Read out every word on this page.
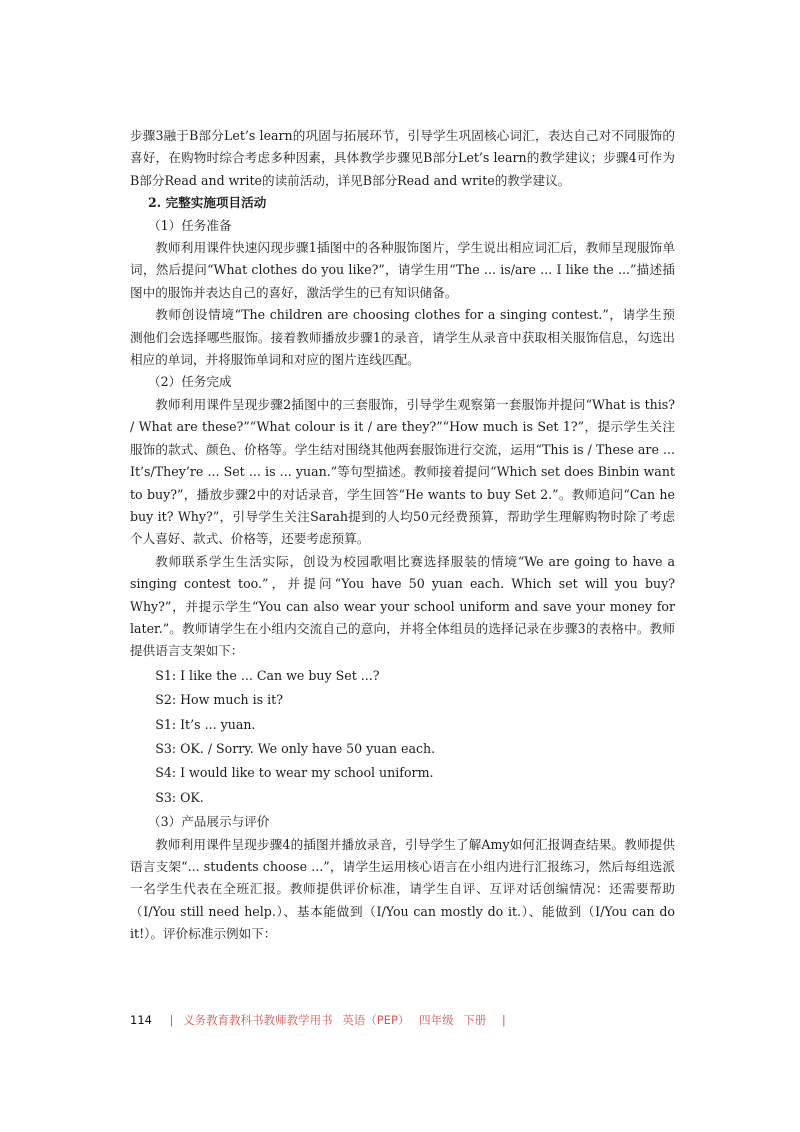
步骤3融于B部分Let’s learn的巩固与拓展环节，引导学生巩固核心词汇，表达自己对不同服饰的喜好，在购物时综合考虑多种因素，具体教学步骤见B部分Let’s learn的教学建议；步骤4可作为B部分Read and write的读前活动，详见B部分Read and write的教学建议。

2. 完整实施项目活动

（1）任务准备

教师利用课件快速闪现步骤1插图中的各种服饰图片，学生说出相应词汇后，教师呈现服饰单词，然后提问“What clothes do you like?”，请学生用“The ... is/are ... I like the ...”描述插图中的服饰并表达自己的喜好，激活学生的已有知识储备。

教师创设情境“The children are choosing clothes for a singing contest.”，请学生预测他们会选择哪些服饰。接着教师播放步骤1的录音，请学生从录音中获取相关服饰信息，勾选出相应的单词，并将服饰单词和对应的图片连线匹配。

（2）任务完成

教师利用课件呈现步骤2插图中的三套服饰，引导学生观察第一套服饰并提问“What is this? / What are these?”“What colour is it / are they?”“How much is Set 1?”，提示学生关注服饰的款式、颜色、价格等。学生结对围绕其他两套服饰进行交流，运用“This is / These are ... It’s/They’re ... Set ... is ... yuan.”等句型描述。教师接着提问“Which set does Binbin want to buy?”，播放步骤2中的对话录音，学生回答“He wants to buy Set 2.”。教师追问“Can he buy it? Why?”，引导学生关注Sarah提到的人均50元经费预算，帮助学生理解购物时除了考虑个人喜好、款式、价格等，还要考虑预算。

教师联系学生生活实际，创设为校园歌唱比赛选择服装的情境“We are going to have a singing contest too.”，并提问“You have 50 yuan each. Which set will you buy? Why?”，并提示学生“You can also wear your school uniform and save your money for later.”。教师请学生在小组内交流自己的意向，并将全体组员的选择记录在步骤3的表格中。教师提供语言支架如下：

S1: I like the ... Can we buy Set ...?

S2: How much is it?

S1: It’s ... yuan.

S3: OK. / Sorry. We only have 50 yuan each.

S4: I would like to wear my school uniform.

S3: OK.

（3）产品展示与评价

教师利用课件呈现步骤4的插图并播放录音，引导学生了解Amy如何汇报调查结果。教师提供语言支架“... students choose ...”，请学生运用核心语言在小组内进行汇报练习，然后每组选派一名学生代表在全班汇报。教师提供评价标准，请学生自评、互评对话创编情况：还需要帮助（I/You still need help.）、基本能做到（I/You can mostly do it.）、能做到（I/You can do it!）。评价标准示例如下：

114 | 义务教育教科书教师教学用书 英语（PEP） 四年级 下册 |
